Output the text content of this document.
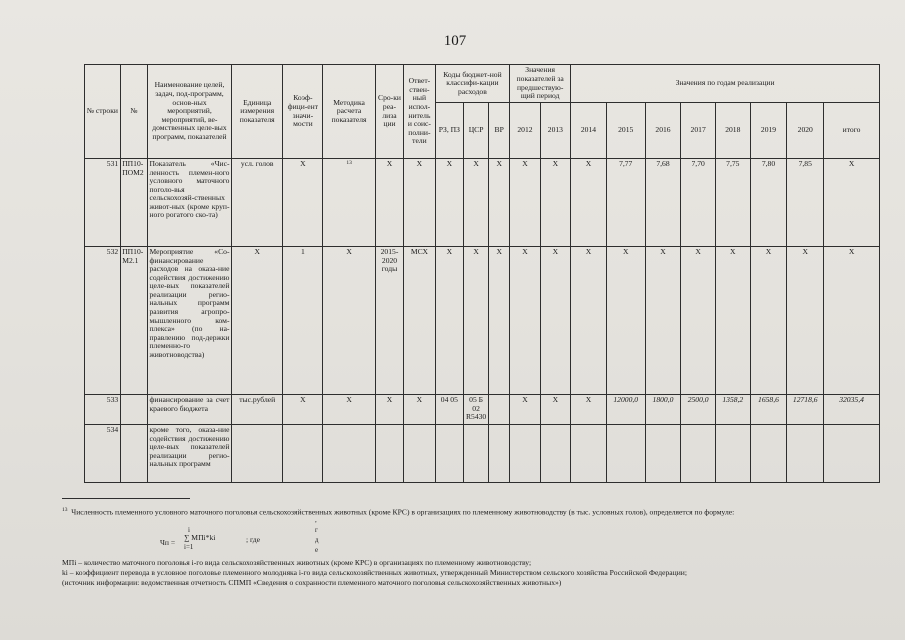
107
№ строки	№	Наименование целей, задач, под-программ, основ-ных мероприятий, мероприятий, ве-домственных целе-вых программ, показателей	Единица измерения показателя	Коэф-фици-ент значи-мости	Методика расчета показателя	Сро-ки реа-лиза ции	Ответ-ствен-ный испол-нитель и соис-полни-тели	Коды бюджет-ной классифи-кации расходов			Значения показателей за предшествую-щий период		Значения по годам реализации							
								РЗ, ПЗ	ЦСР	ВР	2012	2013	2014	2015	2016	2017	2018	2019	2020	итого
531	ПП10-ПОМ2	Показатель «Чис-ленность племен-ного условного маточного поголо-вья сельскохозяй-ственных живот-ных (кроме круп-ного рогатого ско-та)	усл. голов	X	$^{13}$	X	X	X	X	X	X	X	X	7,77	7,68	7,70	7,75	7,80	7,85	X
532	ПП10-М2.1	Мероприятие «Со-финансирование расходов на оказа-ние содействия достижению целе-вых показателей реализации регио-нальных программ развития агропро-мышленного ком-плекса» (по на-правлению под-держки племенно-го животноводства)	X	1	X	2015-2020 годы	МСХ	X	X	X	X	X	X	X	X	X	X	X	X	X
533		финансирование за счет краевого бюджета	тыс.рублей	X	X	X	X	04 05	05 Б 02 R5430		X	X	X	12000,0	1800,0	2500,0	1358,2	1658,6	12718,6	32035,4
534		кроме того, оказа-ние содействия достижению целе-вых показателей реализации регио-нальных программ																		
$^{13}$ Численность племенного условного маточного поголовья сельскохозяйственных животных (кроме КРС) в организациях по племенному животноводству (в тыс. условных голов), определяется по формуле:
i
Чп =
∑ МПi*ki
i=1
; где
,
г
д
е
МПi – количество маточного поголовья i-го вида сельскохозяйственных животных (кроме КРС) в организациях по племенному животноводству;
ki – коэффициент перевода в условное поголовье племенного молодняка i-го вида сельскохозяйственных животных, утвержденный Министерством сельского хозяйства Российской Федерации;
(источник информации: ведомственная отчетность СПМП «Сведения о сохранности племенного маточного поголовья сельскохозяйственных животных»)
